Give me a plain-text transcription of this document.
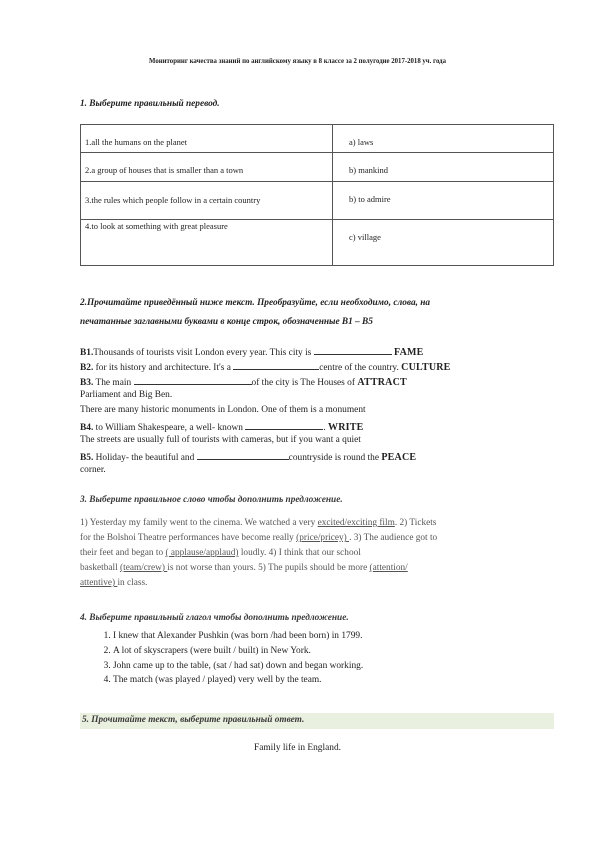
Мониторинг качества знаний по английскому языку в 8 классе за 2 полугодие 2017-2018 уч. года
1. Выберите правильный перевод.
1.all the humans on the planet	a) laws

2.a group of houses that is smaller than a town	b) mankind

3.the rules which people follow in a certain country	b) to admire

4.to look at something with great pleasure	c) village
2.Прочитайте приведённый ниже текст. Преобразуйте, если необходимо, слова, на
печатанные заглавными буквами в конце строк, обозначенные B1 – B5
B1.Thousands of tourists visit London every year. This city is	FAME
B2. for its history and architecture. It's a	centre of the country. CULTURE
B3. The main	of the city is The Houses of ATTRACT
Parliament and Big Ben.
There are many historic monuments in London. One of them is a monument
B4. to William Shakespeare, a well- known	. WRITE
The streets are usually full of tourists with cameras, but if you want a quiet
B5. Holiday- the beautiful and	countryside is round the PEACE
corner.
3. Выберите правильное слово чтобы дополнить предложение.
1) Yesterday my family went to the cinema. We watched a very excited/exciting film. 2) Tickets
for the Bolshoi Theatre performances have become really (price/pricey) . 3) The audience got to
their feet and began to ( applause/applaud) loudly. 4) I think that our school
basketball (team/crew) is not worse than yours. 5) The pupils should be more (attention/
attentive) in class.
4. Выберите правильный глагол чтобы дополнить предложение.
1. I knew that Alexander Pushkin (was born /had been born) in 1799.
2. A lot of skyscrapers (were built / built) in New York.
3. John came up to the table, (sat / had sat) down and began working.
4. The match (was played / played) very well by the team.
5. Прочитайте текст, выберите правильный ответ.
Family life in England.
